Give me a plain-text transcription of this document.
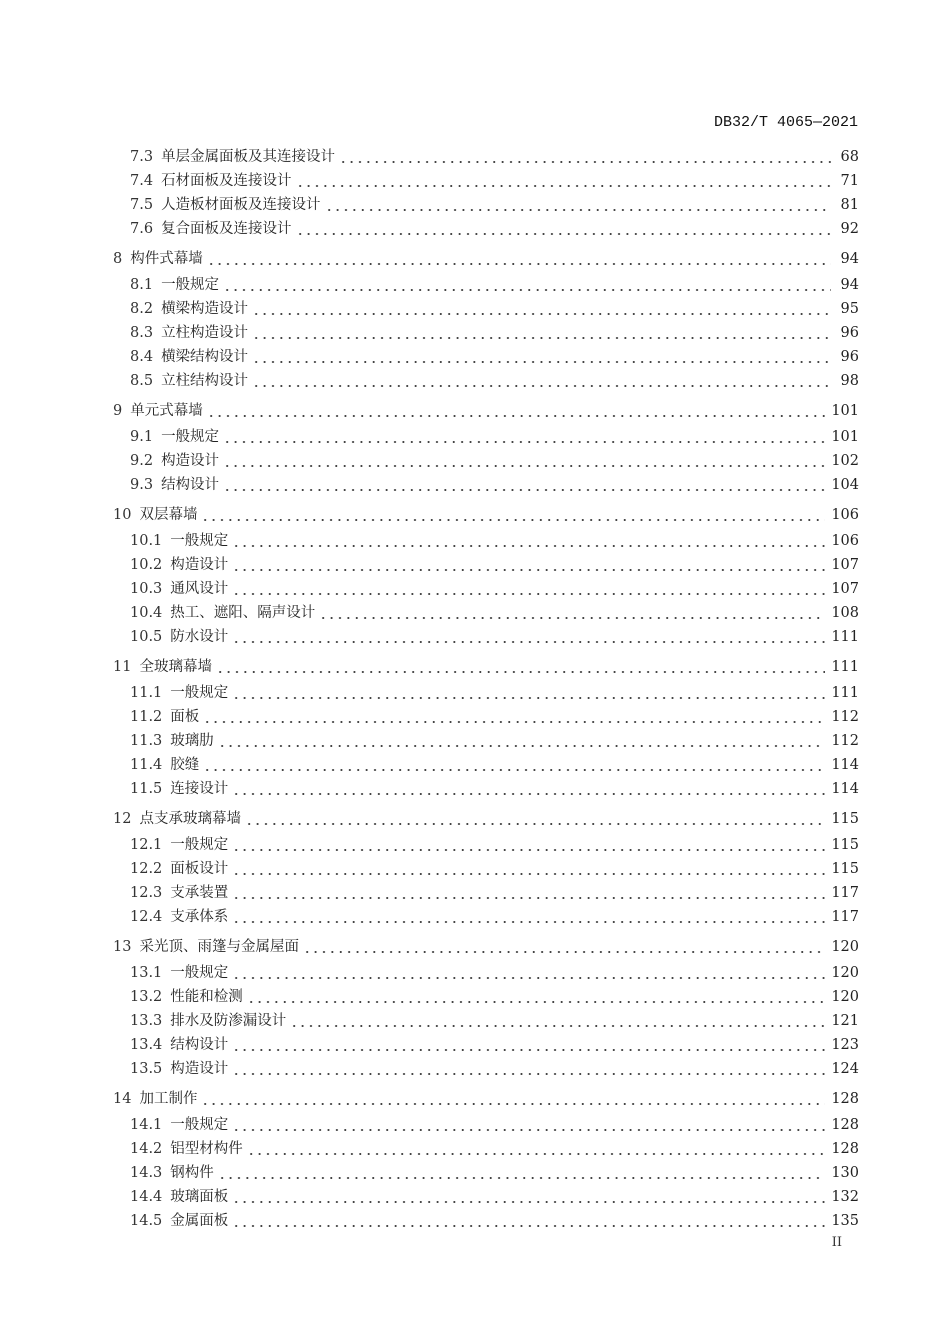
DB32/T 4065—2021
7.3 单层金属面板及其连接设计	68
7.4 石材面板及连接设计	71
7.5 人造板材面板及连接设计	81
7.6 复合面板及连接设计	92
8 构件式幕墙	94
8.1 一般规定	94
8.2 横梁构造设计	95
8.3 立柱构造设计	96
8.4 横梁结构设计	96
8.5 立柱结构设计	98
9 单元式幕墙	101
9.1 一般规定	101
9.2 构造设计	102
9.3 结构设计	104
10 双层幕墙	106
10.1 一般规定	106
10.2 构造设计	107
10.3 通风设计	107
10.4 热工、遮阳、隔声设计	108
10.5 防水设计	111
11 全玻璃幕墙	111
11.1 一般规定	111
11.2 面板	112
11.3 玻璃肋	112
11.4 胶缝	114
11.5 连接设计	114
12 点支承玻璃幕墙	115
12.1 一般规定	115
12.2 面板设计	115
12.3 支承装置	117
12.4 支承体系	117
13 采光顶、雨篷与金属屋面	120
13.1 一般规定	120
13.2 性能和检测	120
13.3 排水及防渗漏设计	121
13.4 结构设计	123
13.5 构造设计	124
14 加工制作	128
14.1 一般规定	128
14.2 铝型材构件	128
14.3 钢构件	130
14.4 玻璃面板	132
14.5 金属面板	135
II
